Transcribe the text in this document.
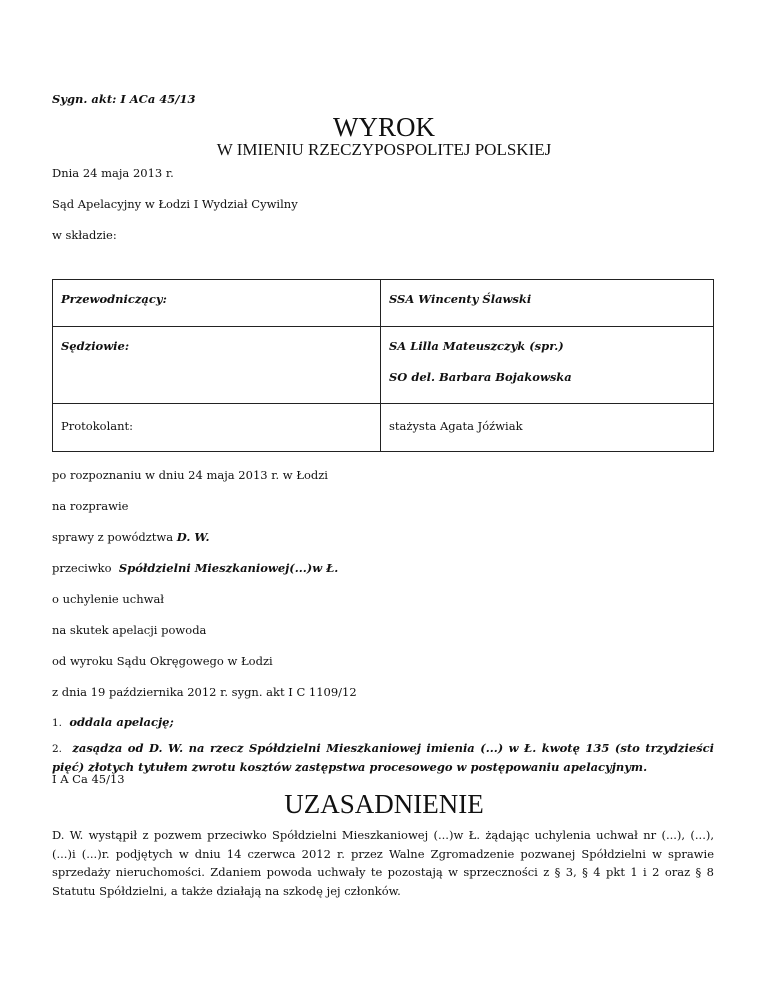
Sygn. akt: I ACa 45/13
WYROK
W IMIENIU RZECZYPOSPOLITEJ POLSKIEJ
Dnia 24 maja 2013 r.
Sąd Apelacyjny w Łodzi I Wydział Cywilny
w składzie:
Przewodniczący:	SSA Wincenty Ślawski

Sędziowie:	SA Lilla Mateuszczyk (spr.)
SO del. Barbara Bojakowska

Protokolant:	stażysta Agata Jóźwiak
po rozpoznaniu w dniu 24 maja 2013 r. w Łodzi
na rozprawie
sprawy z powództwa D. W.
przeciwko  Spółdzielni Mieszkaniowej(...)w Ł.
o uchylenie uchwał
na skutek apelacji powoda
od wyroku Sądu Okręgowego w Łodzi
z dnia 19 października 2012 r. sygn. akt I C 1109/12
1. oddala apelację;
2. zasądza od D. W. na rzecz Spółdzielni Mieszkaniowej imienia (...) w Ł. kwotę 135 (sto trzydzieści pięć) złotych tytułem zwrotu kosztów zastępstwa procesowego w postępowaniu apelacyjnym.
I A Ca 45/13
UZASADNIENIE
D. W. wystąpił z pozwem przeciwko Spółdzielni Mieszkaniowej (...)w Ł. żądając uchylenia uchwał nr (...), (...), (...)i (...)r. podjętych w dniu 14 czerwca 2012 r. przez Walne Zgromadzenie pozwanej Spółdzielni w sprawie sprzedaży nieruchomości. Zdaniem powoda uchwały te pozostają w sprzeczności z § 3, § 4 pkt 1 i 2 oraz § 8 Statutu Spółdzielni, a także działają na szkodę jej członków.
